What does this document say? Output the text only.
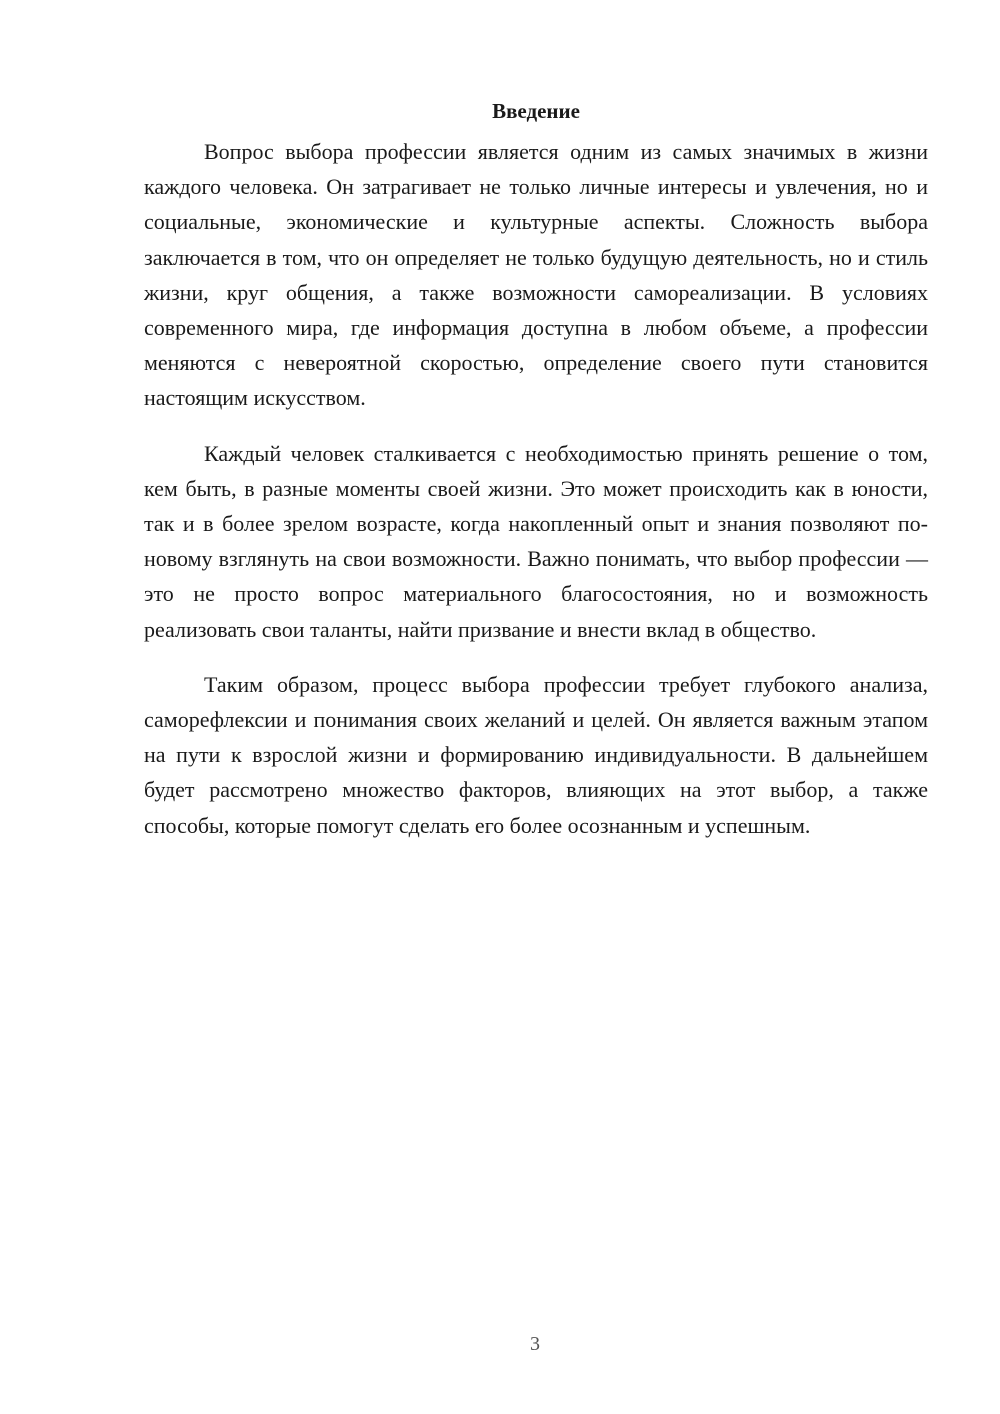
Введение

Вопрос выбора профессии является одним из самых значимых в жизни каждого человека. Он затрагивает не только личные интересы и увлечения, но и социальные, экономические и культурные аспекты. Сложность выбора заключается в том, что он определяет не только будущую деятельность, но и стиль жизни, круг общения, а также возможности самореализации. В условиях современного мира, где информация доступна в любом объеме, а профессии меняются с невероятной скоростью, определение своего пути становится настоящим искусством.

Каждый человек сталкивается с необходимостью принять решение о том, кем быть, в разные моменты своей жизни. Это может происходить как в юности, так и в более зрелом возрасте, когда накопленный опыт и знания позволяют по-новому взглянуть на свои возможности. Важно понимать, что выбор профессии — это не просто вопрос материального благосостояния, но и возможность реализовать свои таланты, найти призвание и внести вклад в общество.

Таким образом, процесс выбора профессии требует глубокого анализа, саморефлексии и понимания своих желаний и целей. Он является важным этапом на пути к взрослой жизни и формированию индивидуальности. В дальнейшем будет рассмотрено множество факторов, влияющих на этот выбор, а также способы, которые помогут сделать его более осознанным и успешным.

3
